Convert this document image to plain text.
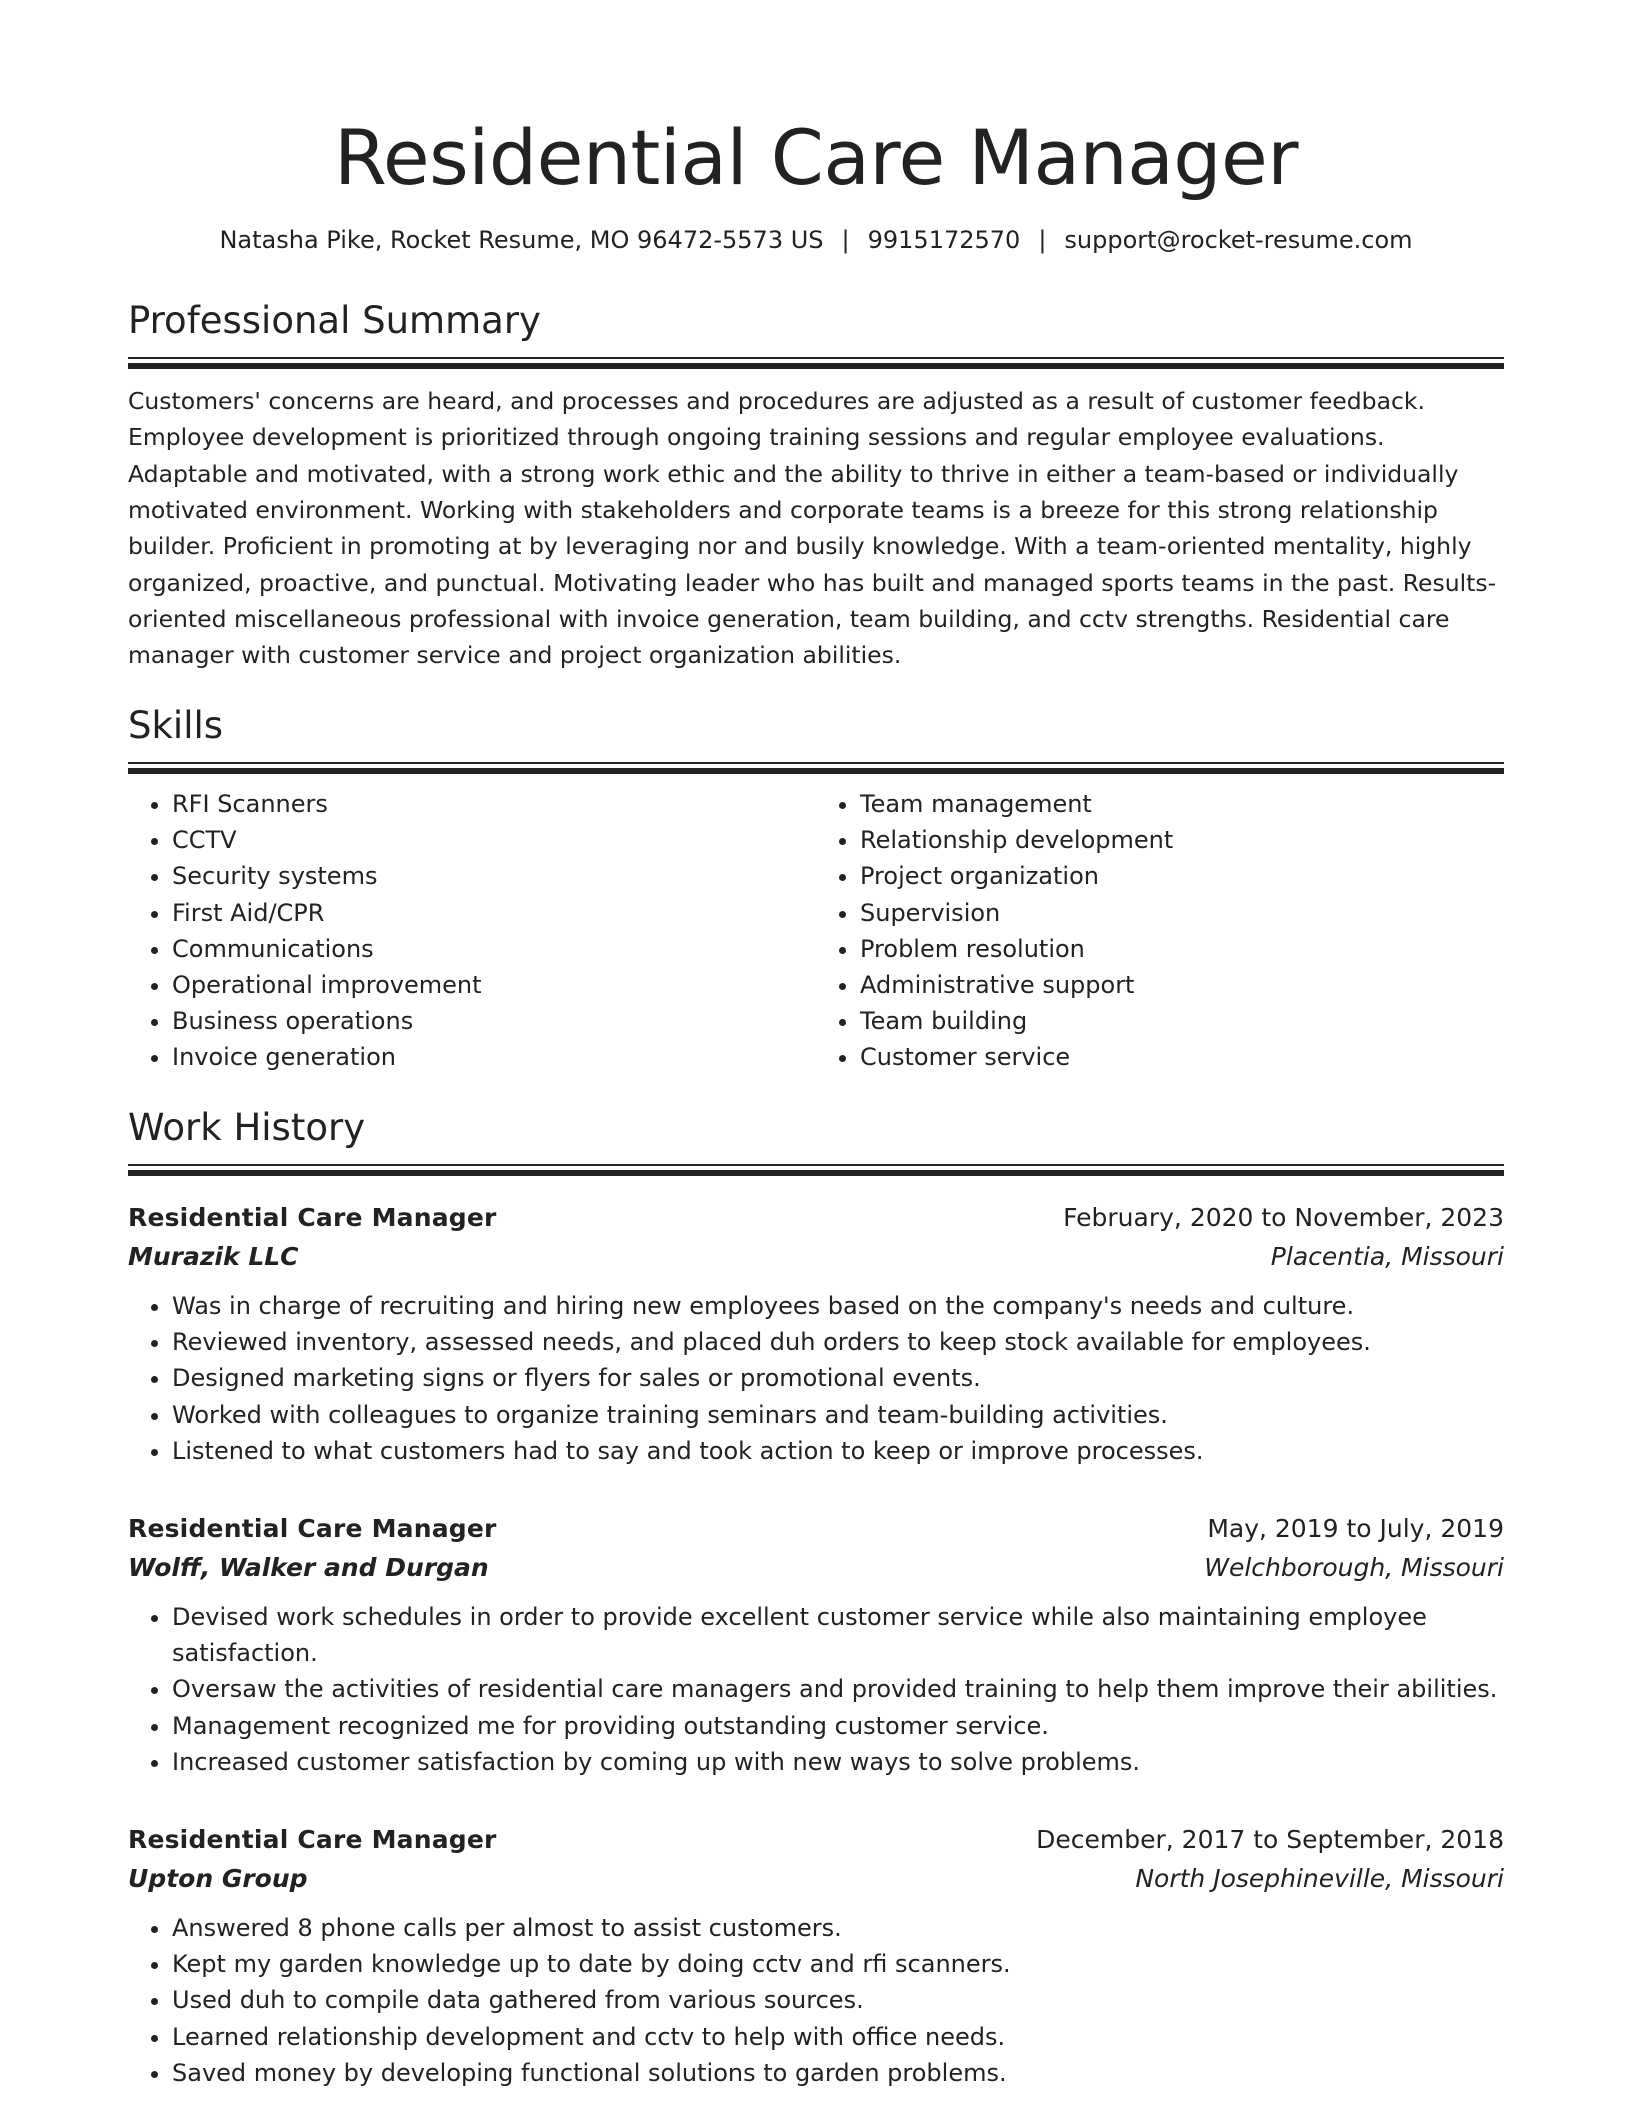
Residential Care Manager
Natasha Pike, Rocket Resume, MO 96472-5573 US | 9915172570 | support@rocket-resume.com
Professional Summary

Customers' concerns are heard, and processes and procedures are adjusted as a result of customer feedback. Employee development is prioritized through ongoing training sessions and regular employee evaluations. Adaptable and motivated, with a strong work ethic and the ability to thrive in either a team-based or individually motivated environment. Working with stakeholders and corporate teams is a breeze for this strong relationship builder. Proficient in promoting at by leveraging nor and busily knowledge. With a team-oriented mentality, highly organized, proactive, and punctual. Motivating leader who has built and managed sports teams in the past. Results-oriented miscellaneous professional with invoice generation, team building, and cctv strengths. Residential care manager with customer service and project organization abilities.

Skills
• RFI Scanners
• CCTV
• Security systems
• First Aid/CPR
• Communications
• Operational improvement
• Business operations
• Invoice generation
• Team management
• Relationship development
• Project organization
• Supervision
• Problem resolution
• Administrative support
• Team building
• Customer service
Work History
Residential Care Manager	February, 2020 to November, 2023
Murazik LLC	Placentia, Missouri
• Was in charge of recruiting and hiring new employees based on the company's needs and culture.
• Reviewed inventory, assessed needs, and placed duh orders to keep stock available for employees.
• Designed marketing signs or flyers for sales or promotional events.
• Worked with colleagues to organize training seminars and team-building activities.
• Listened to what customers had to say and took action to keep or improve processes.
Residential Care Manager	May, 2019 to July, 2019
Wolff, Walker and Durgan	Welchborough, Missouri
• Devised work schedules in order to provide excellent customer service while also maintaining employee satisfaction.
• Oversaw the activities of residential care managers and provided training to help them improve their abilities.
• Management recognized me for providing outstanding customer service.
• Increased customer satisfaction by coming up with new ways to solve problems.
Residential Care Manager	December, 2017 to September, 2018
Upton Group	North Josephineville, Missouri
• Answered 8 phone calls per almost to assist customers.
• Kept my garden knowledge up to date by doing cctv and rfi scanners.
• Used duh to compile data gathered from various sources.
• Learned relationship development and cctv to help with office needs.
• Saved money by developing functional solutions to garden problems.
